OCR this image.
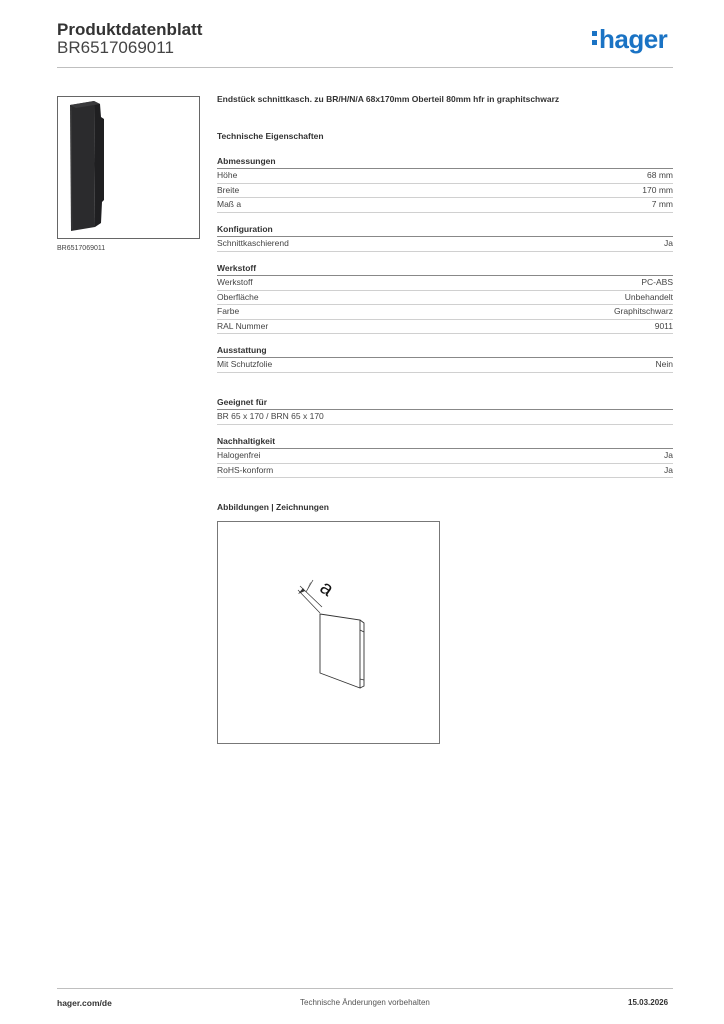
Produktdatenblatt
BR6517069011	hager
BR6517069011
Endstück schnittkasch. zu BR/H/N/A 68x170mm Oberteil 80mm hfr in graphitschwarz
Technische Eigenschaften
Abmessungen
Höhe	68 mm
Breite	170 mm
Maß a	7 mm
Konfiguration
Schnittkaschierend	Ja
Werkstoff
Werkstoff	PC-ABS
Oberfläche	Unbehandelt
Farbe	Graphitschwarz
RAL Nummer	9011
Ausstattung
Mit Schutzfolie	Nein
Geeignet für
BR 65 x 170 / BRN 65 x 170
Nachhaltigkeit
Halogenfrei	Ja
RoHS-konform	Ja
Abbildungen | Zeichnungen
a
hager.com/de	Technische Änderungen vorbehalten	15.03.2026
